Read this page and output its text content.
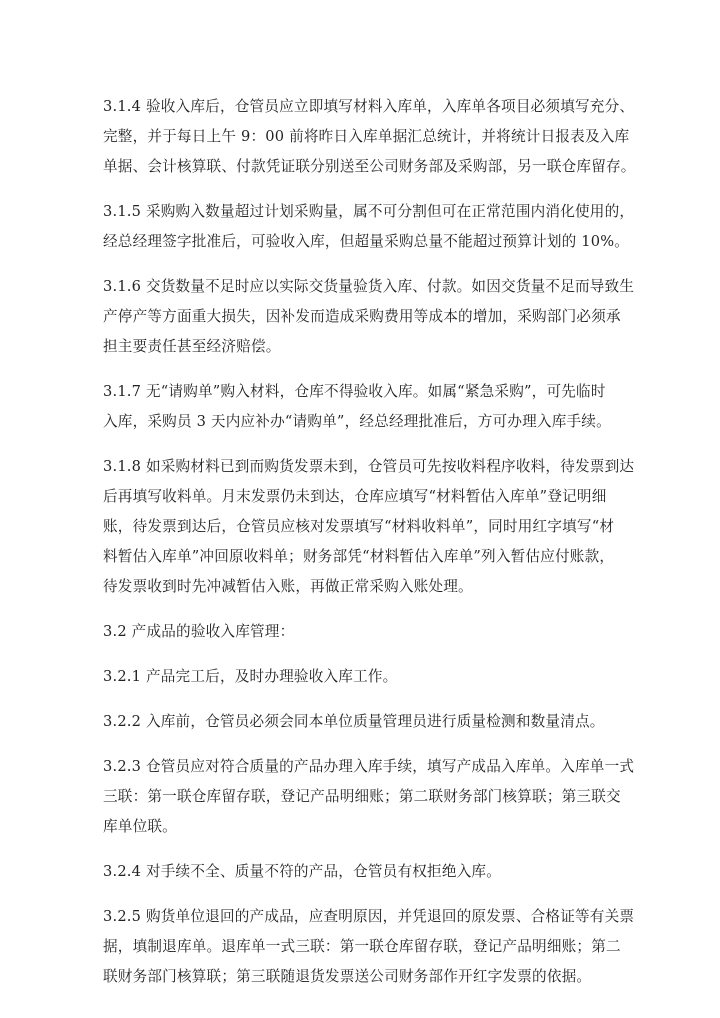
3.1.4 验收入库后，仓管员应立即填写材料入库单，入库单各项目必须填写充分、
完整，并于每日上午 9：00 前将昨日入库单据汇总统计，并将统计日报表及入库
单据、会计核算联、付款凭证联分别送至公司财务部及采购部，另一联仓库留存。

3.1.5 采购购入数量超过计划采购量，属不可分割但可在正常范围内消化使用的，
经总经理签字批准后，可验收入库，但超量采购总量不能超过预算计划的 10%。

3.1.6 交货数量不足时应以实际交货量验货入库、付款。如因交货量不足而导致生
产停产等方面重大损失，因补发而造成采购费用等成本的增加，采购部门必须承
担主要责任甚至经济赔偿。

3.1.7 无“请购单”购入材料，仓库不得验收入库。如属“紧急采购”，可先临时
入库，采购员 3 天内应补办“请购单”，经总经理批准后，方可办理入库手续。

3.1.8 如采购材料已到而购货发票未到，仓管员可先按收料程序收料，待发票到达
后再填写收料单。月末发票仍未到达，仓库应填写“材料暂估入库单”登记明细
账，待发票到达后，仓管员应核对发票填写“材料收料单”，同时用红字填写“材
料暂估入库单”冲回原收料单；财务部凭“材料暂估入库单”列入暂估应付账款，
待发票收到时先冲减暂估入账，再做正常采购入账处理。

3.2 产成品的验收入库管理：

3.2.1 产品完工后，及时办理验收入库工作。

3.2.2 入库前，仓管员必须会同本单位质量管理员进行质量检测和数量清点。

3.2.3 仓管员应对符合质量的产品办理入库手续，填写产成品入库单。入库单一式
三联：第一联仓库留存联，登记产品明细账；第二联财务部门核算联；第三联交
库单位联。

3.2.4 对手续不全、质量不符的产品，仓管员有权拒绝入库。

3.2.5 购货单位退回的产成品，应查明原因，并凭退回的原发票、合格证等有关票
据，填制退库单。退库单一式三联：第一联仓库留存联，登记产品明细账；第二
联财务部门核算联；第三联随退货发票送公司财务部作开红字发票的依据。
